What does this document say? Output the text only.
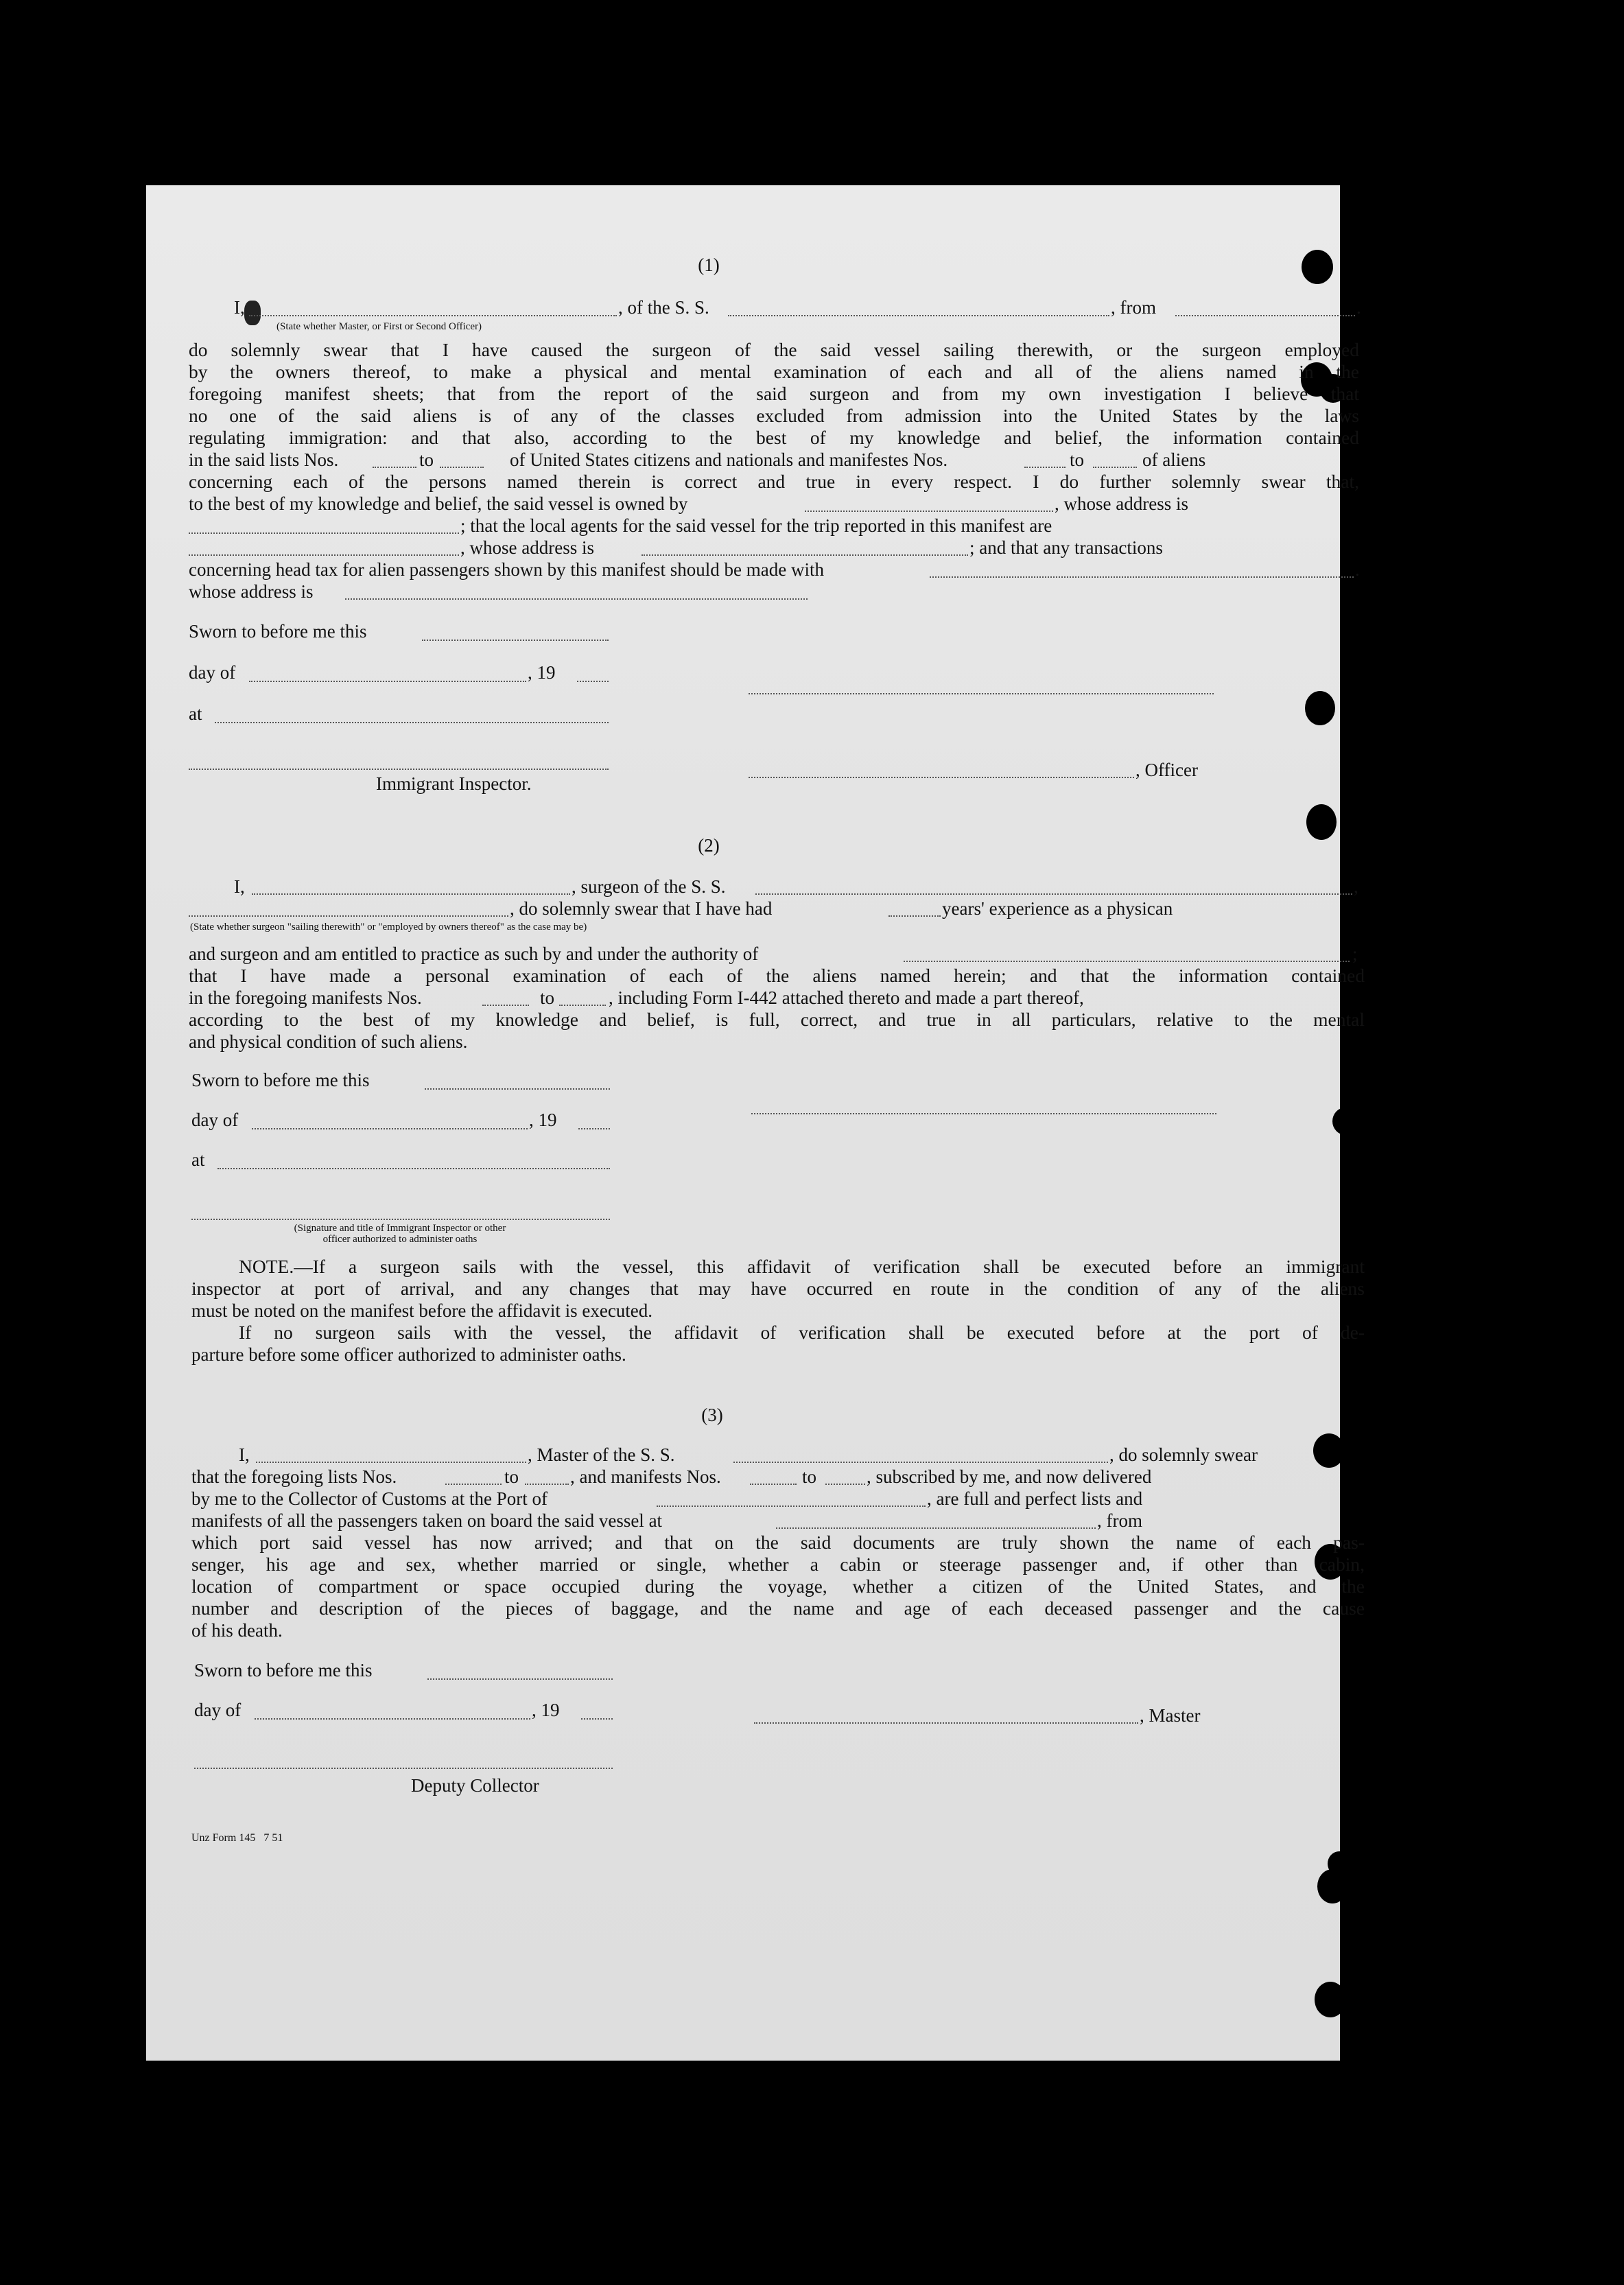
(1)
I,	, of the S. S.	, from	.
(State whether Master, or First or Second Officer)
do solemnly swear that I have caused the surgeon of the said vessel sailing therewith, or the surgeon employed
by the owners thereof, to make a physical and mental examination of each and all of the aliens named in the
foregoing manifest sheets; that from the report of the said surgeon and from my own investigation I believe that
no one of the said aliens is of any of the classes excluded from admission into the United States by the laws
regulating immigration: and that also, according to the best of my knowledge and belief, the information contained
in the said lists Nos.	to	of United States citizens and nationals and manifestes Nos.	to	of aliens
concerning each of the persons named therein is correct and true in every respect. I do further solemnly swear that,
to the best of my knowledge and belief, the said vessel is owned by	, whose address is
; that the local agents for the said vessel for the trip reported in this manifest are
, whose address is	; and that any transactions
concerning head tax for alien passengers shown by this manifest should be made with	.
whose address is
Sworn to before me this
day of	, 19
at
, Officer
Immigrant Inspector.
(2)
I,	, surgeon of the S. S.	,
, do solemnly swear that I have had	years' experience as a physican
(State whether surgeon "sailing therewith" or "employed by owners thereof" as the case may be)
and surgeon and am entitled to practice as such by and under the authority of	;
that I have made a personal examination of each of the aliens named herein; and that the information contained
in the foregoing manifests Nos.	to	, including Form I-442 attached thereto and made a part thereof,
according to the best of my knowledge and belief, is full, correct, and true in all particulars, relative to the mental
and physical condition of such aliens.
Sworn to before me this
day of	, 19
at
(Signature and title of Immigrant Inspector or other
officer authorized to administer oaths
NOTE.—If a surgeon sails with the vessel, this affidavit of verification shall be executed before an immigrant
inspector at port of arrival, and any changes that may have occurred en route in the condition of any of the aliens
must be noted on the manifest before the affidavit is executed.
If no surgeon sails with the vessel, the affidavit of verification shall be executed before at the port of de-
parture before some officer authorized to administer oaths.
(3)
I,	, Master of the S. S.	, do solemnly swear
that the foregoing lists Nos.	to	, and manifests Nos.	to	, subscribed by me, and now delivered
by me to the Collector of Customs at the Port of	, are full and perfect lists and
manifests of all the passengers taken on board the said vessel at	, from
which port said vessel has now arrived; and that on the said documents are truly shown the name of each pas-
senger, his age and sex, whether married or single, whether a cabin or steerage passenger and, if other than cabin,
location of compartment or space occupied during the voyage, whether a citizen of the United States, and the
number and description of the pieces of baggage, and the name and age of each deceased passenger and the cause
of his death.
Sworn to before me this
day of	, 19	, Master
Deputy Collector
Unz Form 145   7 51
